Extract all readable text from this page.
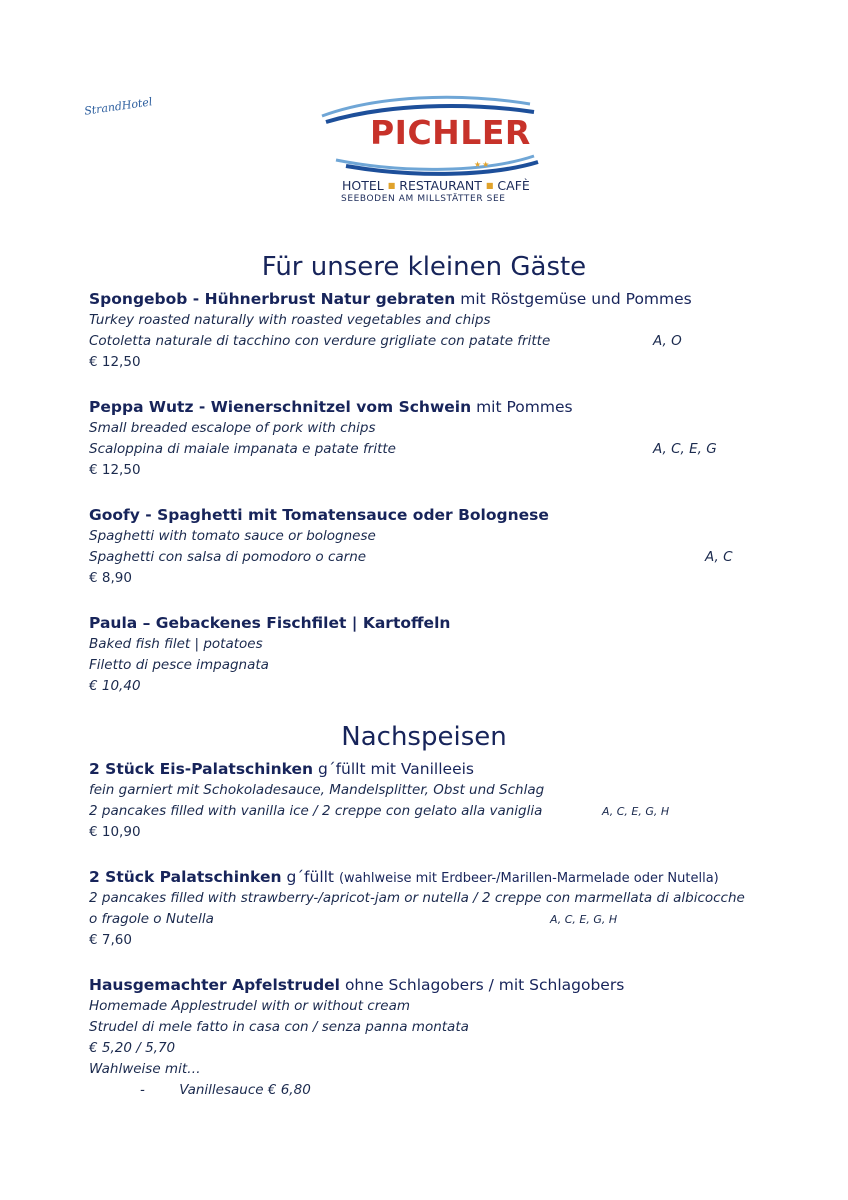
StrandHotel

PICHLER

★★

HOTEL ■ RESTAURANT ■ CAFÈ

SEEBODEN AM MILLSTÄTTER SEE

Für unsere kleinen Gäste
Spongebob - Hühnerbrust Natur gebraten mit Röstgemüse und Pommes
Turkey roasted naturally with roasted vegetables and chips
Cotoletta naturale di tacchino con verdure grigliate con patate fritte	A, O
€ 12,50
Peppa Wutz - Wienerschnitzel vom Schwein mit Pommes
Small breaded escalope of pork with chips
Scaloppina di maiale impanata e patate fritte	A, C, E, G
€ 12,50
Goofy - Spaghetti mit Tomatensauce oder Bolognese
Spaghetti with tomato sauce or bolognese
Spaghetti con salsa di pomodoro o carne	A, C
€ 8,90
Paula – Gebackenes Fischfilet | Kartoffeln
Baked fish filet | potatoes
Filetto di pesce impagnata
€ 10,40
Nachspeisen
2 Stück Eis-Palatschinken g´füllt mit Vanilleeis
fein garniert mit Schokoladesauce, Mandelsplitter, Obst und Schlag
2 pancakes filled with vanilla ice / 2 creppe con gelato alla vaniglia	A, C, E, G, H
€ 10,90
2 Stück Palatschinken g´füllt (wahlweise mit Erdbeer-/Marillen-Marmelade oder Nutella)
2 pancakes filled with strawberry-/apricot-jam or nutella / 2 creppe con marmellata di albicocche
o fragole o Nutella	A, C, E, G, H
€ 7,60
Hausgemachter Apfelstrudel ohne Schlagobers / mit Schlagobers
Homemade Applestrudel with or without cream
Strudel di mele fatto in casa con / senza panna montata
€ 5,20 / 5,70
Wahlweise mit…
-        Vanillesauce € 6,80
